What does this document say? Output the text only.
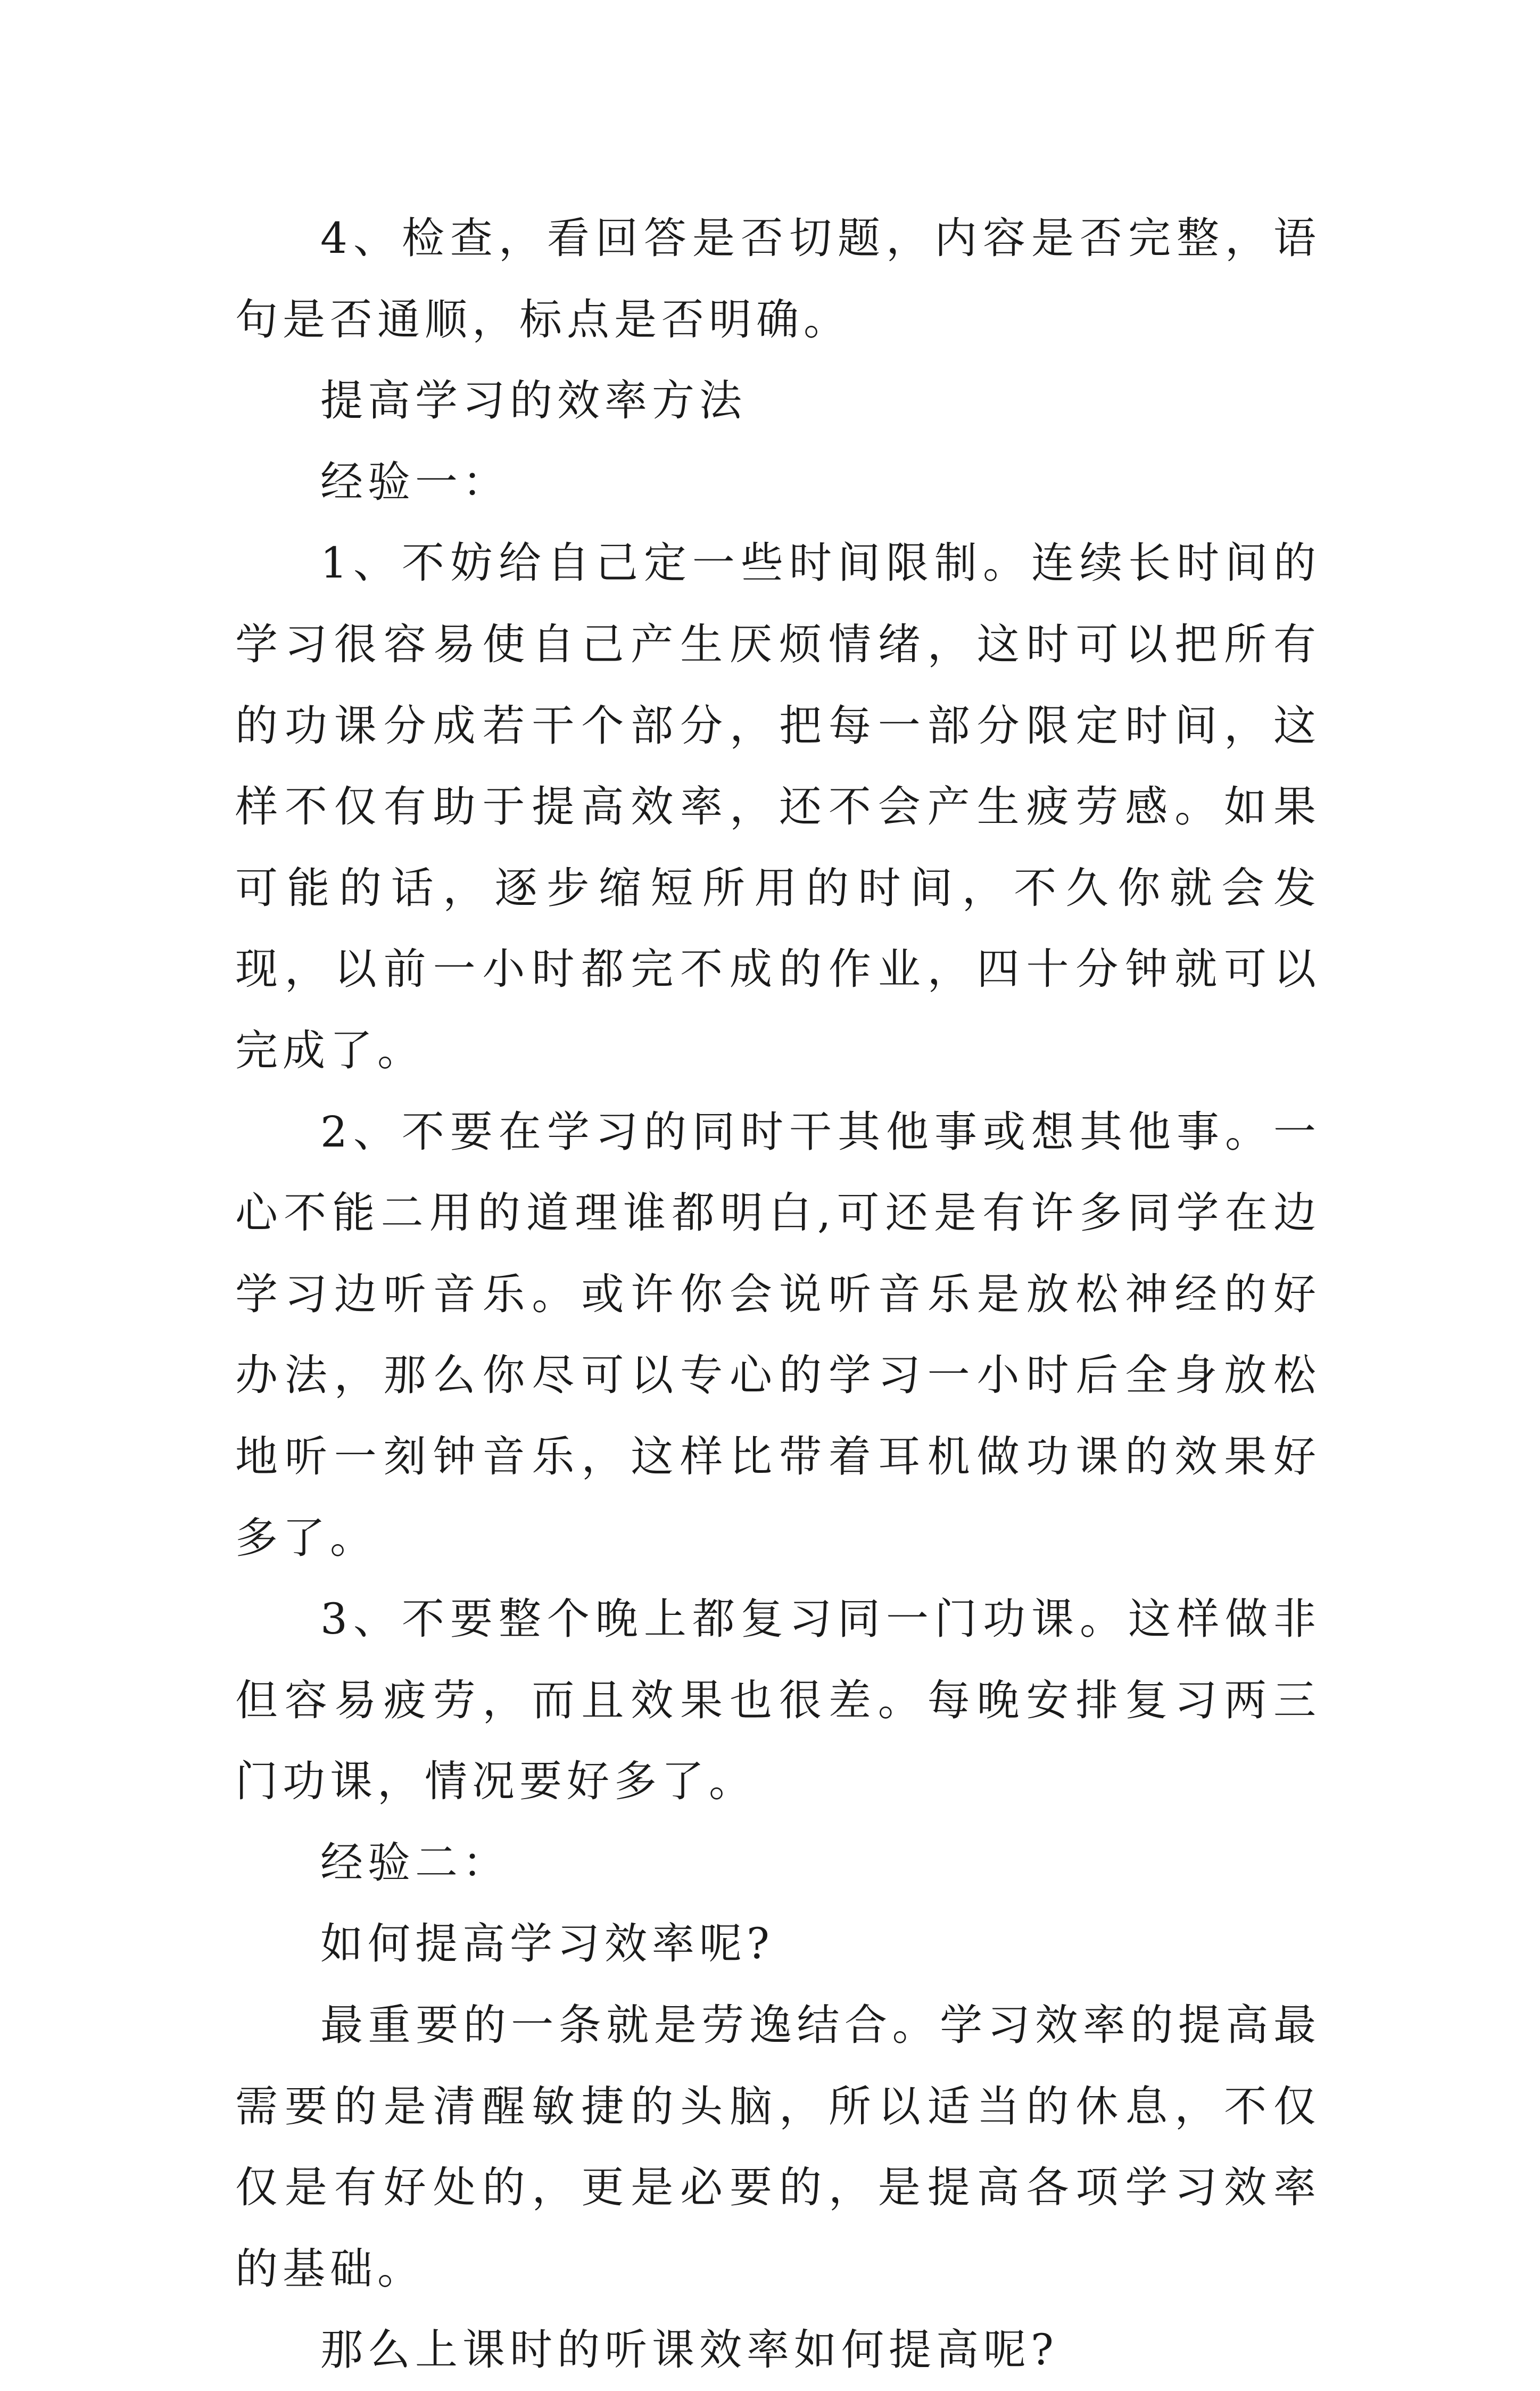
4、检查，看回答是否切题，内容是否完整，语句是否通顺，标点是否明确。

提高学习的效率方法

经验一：

1、不妨给自己定一些时间限制。连续长时间的学习很容易使自己产生厌烦情绪，这时可以把所有的功课分成若干个部分，把每一部分限定时间，这样不仅有助于提高效率，还不会产生疲劳感。如果可能的话，逐步缩短所用的时间，不久你就会发现，以前一小时都完不成的作业，四十分钟就可以完成了。

2、不要在学习的同时干其他事或想其他事。一心不能二用的道理谁都明白,可还是有许多同学在边学习边听音乐。或许你会说听音乐是放松神经的好办法，那么你尽可以专心的学习一小时后全身放松地听一刻钟音乐，这样比带着耳机做功课的效果好多了。

3、不要整个晚上都复习同一门功课。这样做非但容易疲劳，而且效果也很差。每晚安排复习两三门功课，情况要好多了。

经验二：

如何提高学习效率呢?

最重要的一条就是劳逸结合。学习效率的提高最需要的是清醒敏捷的头脑，所以适当的休息，不仅仅是有好处的，更是必要的，是提高各项学习效率的基础。

那么上课时的听课效率如何提高呢?
